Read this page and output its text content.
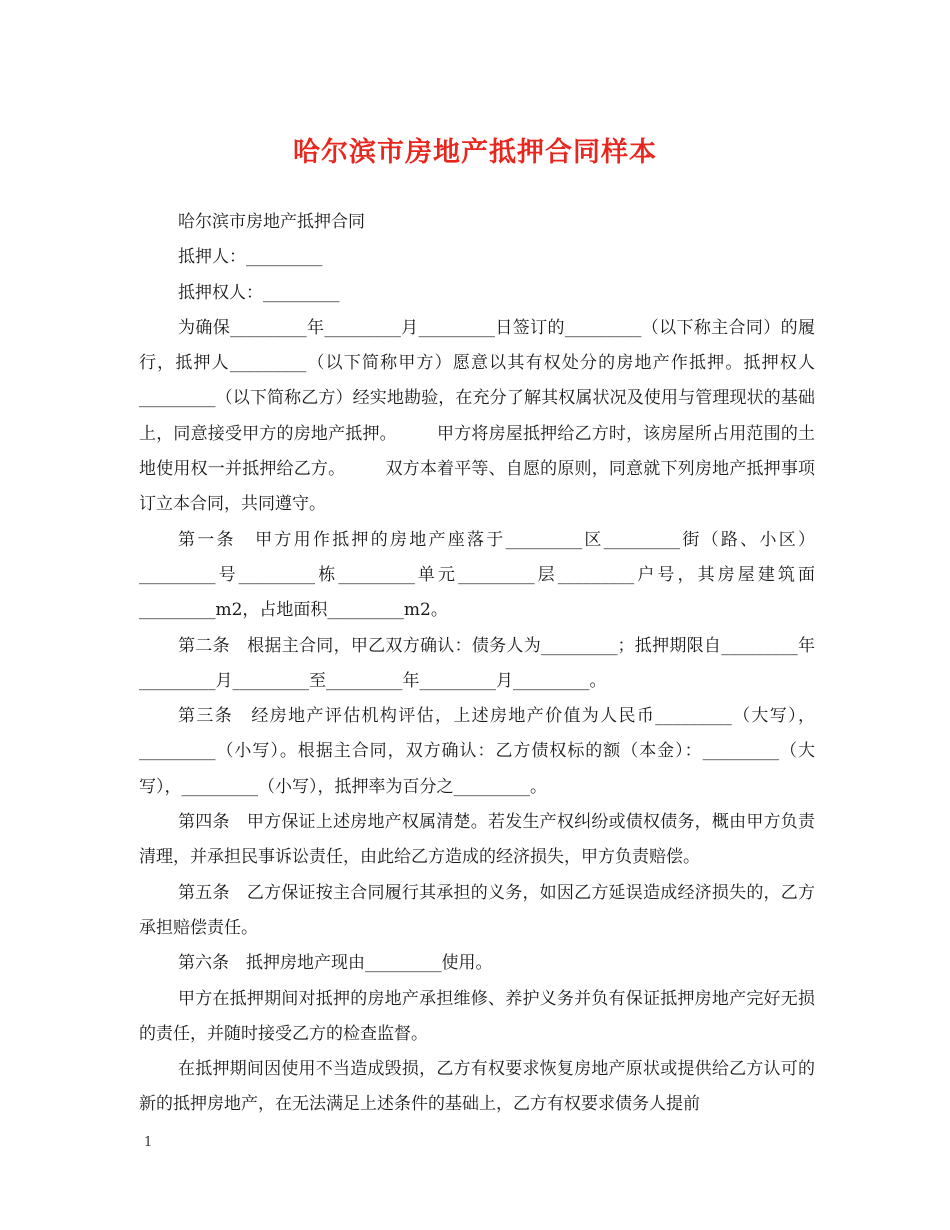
哈尔滨市房地产抵押合同样本

哈尔滨市房地产抵押合同

抵押人：_________

抵押权人：_________

为确保_________年_________月_________日签订的_________（以下称主合同）的履行，抵押人_________（以下简称甲方）愿意以其有权处分的房地产作抵押。抵押权人_________（以下简称乙方）经实地勘验，在充分了解其权属状况及使用与管理现状的基础上，同意接受甲方的房地产抵押。 甲方将房屋抵押给乙方时，该房屋所占用范围的土地使用权一并抵押给乙方。 双方本着平等、自愿的原则，同意就下列房地产抵押事项订立本合同，共同遵守。

第一条　甲方用作抵押的房地产座落于_________区_________街（路、小区）_________号_________栋_________单元_________层_________户号，其房屋建筑面_________m2，占地面积_________m2。

第二条　根据主合同，甲乙双方确认：债务人为_________；抵押期限自_________年_________月_________至_________年_________月_________。

第三条　经房地产评估机构评估，上述房地产价值为人民币_________（大写），_________（小写）。根据主合同，双方确认：乙方债权标的额（本金）：_________（大写），_________（小写），抵押率为百分之_________。

第四条　甲方保证上述房地产权属清楚。若发生产权纠纷或债权债务，概由甲方负责清理，并承担民事诉讼责任，由此给乙方造成的经济损失，甲方负责赔偿。

第五条　乙方保证按主合同履行其承担的义务，如因乙方延误造成经济损失的，乙方承担赔偿责任。

第六条　抵押房地产现由_________使用。

甲方在抵押期间对抵押的房地产承担维修、养护义务并负有保证抵押房地产完好无损的责任，并随时接受乙方的检查监督。

在抵押期间因使用不当造成毁损，乙方有权要求恢复房地产原状或提供给乙方认可的新的抵押房地产，在无法满足上述条件的基础上，乙方有权要求债务人提前

1
